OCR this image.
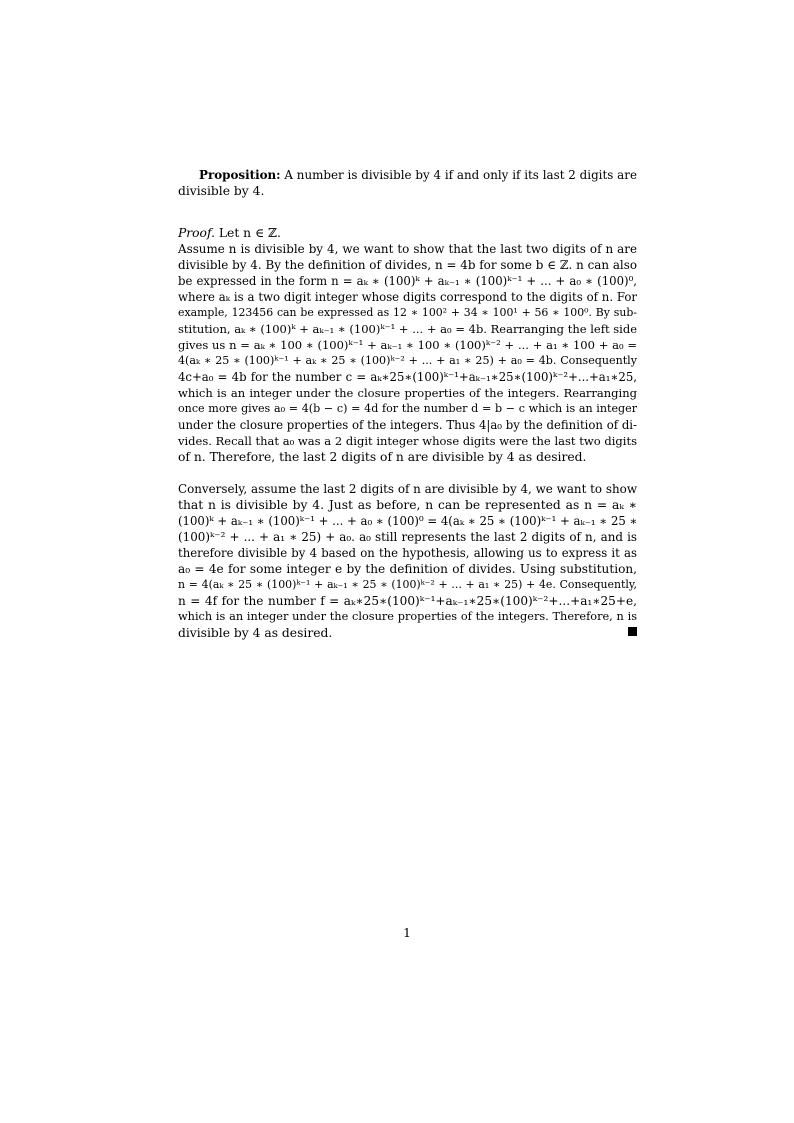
Proposition: A number is divisible by 4 if and only if its last 2 digits are
divisible by 4.
Proof. Let n ∈ ℤ.
Assume n is divisible by 4, we want to show that the last two digits of n are
divisible by 4. By the definition of divides, n = 4b for some b ∈ ℤ. n can also
be expressed in the form n = aₖ ∗ (100)ᵏ + aₖ₋₁ ∗ (100)ᵏ⁻¹ + ... + a₀ ∗ (100)⁰,
where aₖ is a two digit integer whose digits correspond to the digits of n. For
example, 123456 can be expressed as 12 ∗ 100² + 34 ∗ 100¹ + 56 ∗ 100⁰. By sub-
stitution, aₖ ∗ (100)ᵏ + aₖ₋₁ ∗ (100)ᵏ⁻¹ + ... + a₀ = 4b. Rearranging the left side
gives us n = aₖ ∗ 100 ∗ (100)ᵏ⁻¹ + aₖ₋₁ ∗ 100 ∗ (100)ᵏ⁻² + ... + a₁ ∗ 100 + a₀ =
4(aₖ ∗ 25 ∗ (100)ᵏ⁻¹ + aₖ ∗ 25 ∗ (100)ᵏ⁻² + ... + a₁ ∗ 25) + a₀ = 4b. Consequently
4c+a₀ = 4b for the number c = aₖ∗25∗(100)ᵏ⁻¹+aₖ₋₁∗25∗(100)ᵏ⁻²+...+a₁∗25,
which is an integer under the closure properties of the integers. Rearranging
once more gives a₀ = 4(b − c) = 4d for the number d = b − c which is an integer
under the closure properties of the integers. Thus 4|a₀ by the definition of di-
vides. Recall that a₀ was a 2 digit integer whose digits were the last two digits
of n. Therefore, the last 2 digits of n are divisible by 4 as desired.
Conversely, assume the last 2 digits of n are divisible by 4, we want to show
that n is divisible by 4. Just as before, n can be represented as n = aₖ ∗
(100)ᵏ + aₖ₋₁ ∗ (100)ᵏ⁻¹ + ... + a₀ ∗ (100)⁰ = 4(aₖ ∗ 25 ∗ (100)ᵏ⁻¹ + aₖ₋₁ ∗ 25 ∗
(100)ᵏ⁻² + ... + a₁ ∗ 25) + a₀. a₀ still represents the last 2 digits of n, and is
therefore divisible by 4 based on the hypothesis, allowing us to express it as
a₀ = 4e for some integer e by the definition of divides. Using substitution,
n = 4(aₖ ∗ 25 ∗ (100)ᵏ⁻¹ + aₖ₋₁ ∗ 25 ∗ (100)ᵏ⁻² + ... + a₁ ∗ 25) + 4e. Consequently,
n = 4f for the number f = aₖ∗25∗(100)ᵏ⁻¹+aₖ₋₁∗25∗(100)ᵏ⁻²+...+a₁∗25+e,
which is an integer under the closure properties of the integers. Therefore, n is
divisible by 4 as desired.
1
